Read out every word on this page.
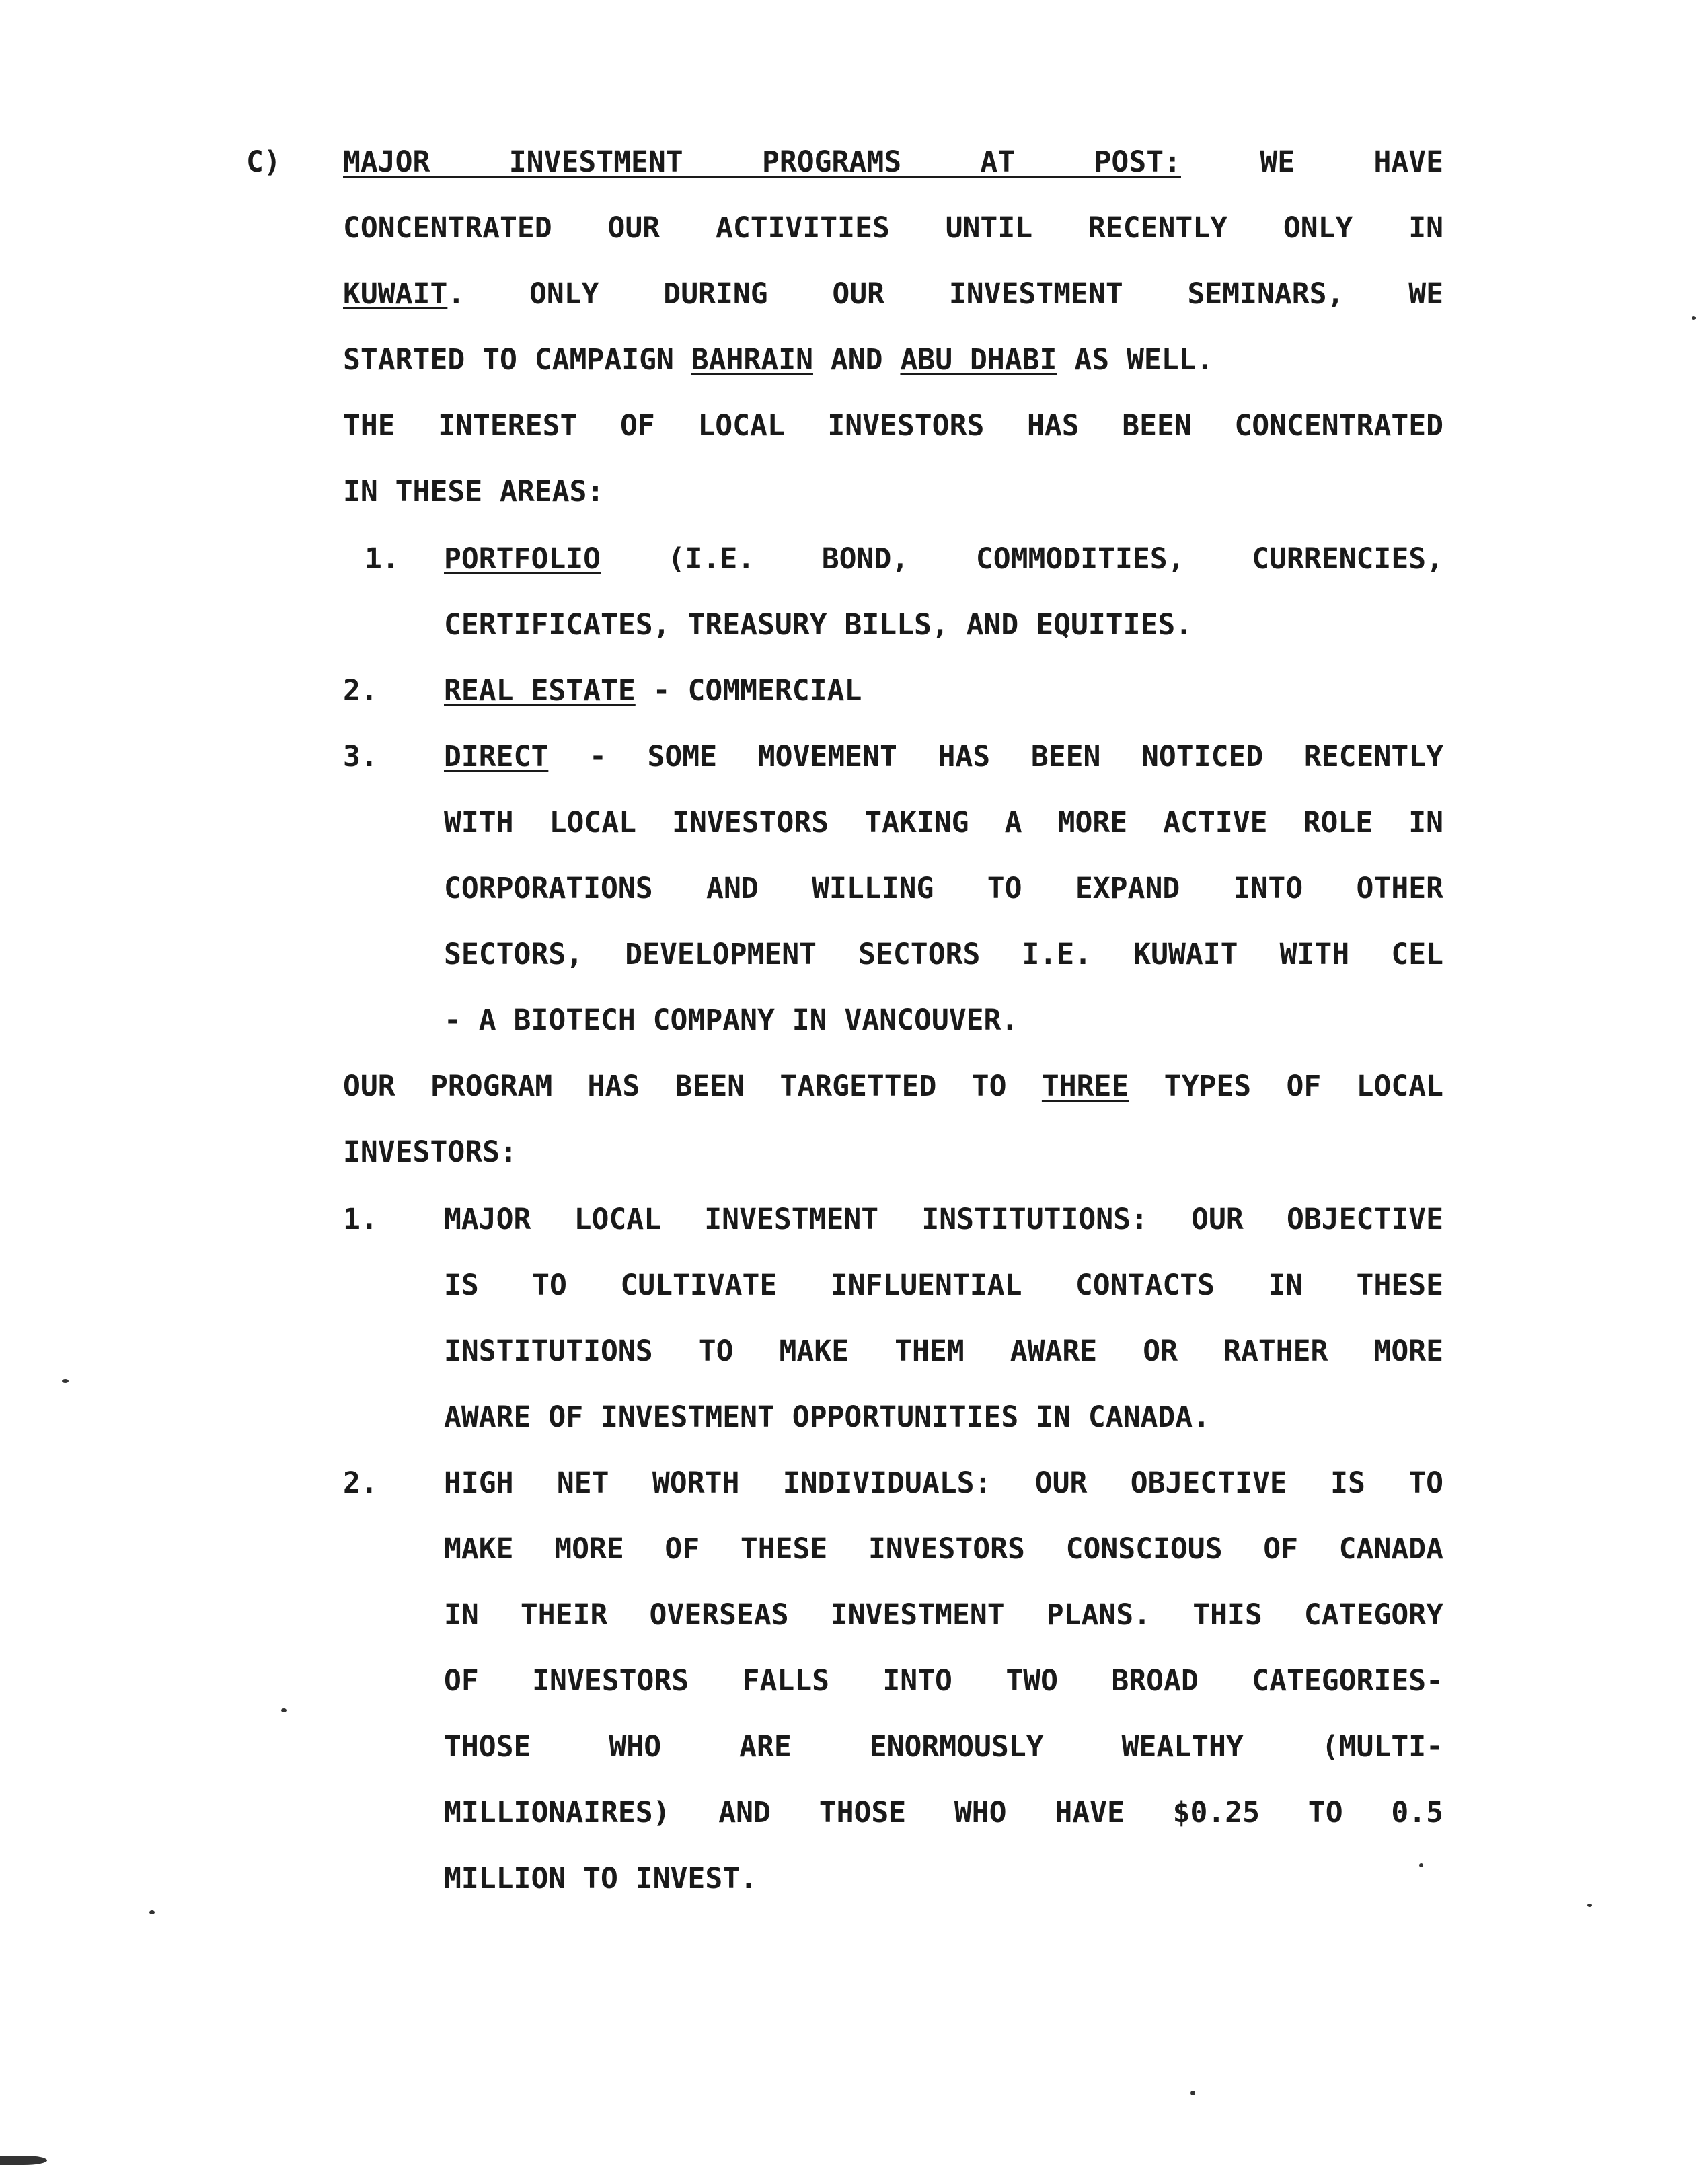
C) MAJOR INVESTMENT PROGRAMS AT POST:	WE HAVE
CONCENTRATED OUR ACTIVITIES UNTIL RECENTLY ONLY IN
KUWAIT. ONLY DURING OUR INVESTMENT SEMINARS, WE
STARTED TO CAMPAIGN BAHRAIN AND ABU DHABI AS WELL.
THE INTEREST OF LOCAL INVESTORS HAS BEEN CONCENTRATED
IN THESE AREAS:
1. PORTFOLIO (I.E. BOND, COMMODITIES, CURRENCIES,
CERTIFICATES, TREASURY BILLS, AND EQUITIES.
2. REAL ESTATE - COMMERCIAL
3. DIRECT - SOME MOVEMENT HAS BEEN NOTICED RECENTLY
WITH LOCAL INVESTORS TAKING A MORE ACTIVE ROLE IN
CORPORATIONS AND WILLING TO EXPAND INTO OTHER
SECTORS, DEVELOPMENT SECTORS I.E. KUWAIT WITH CEL
- A BIOTECH COMPANY IN VANCOUVER.
OUR PROGRAM HAS BEEN TARGETTED TO THREE TYPES OF LOCAL
INVESTORS:
1. MAJOR LOCAL INVESTMENT INSTITUTIONS: OUR OBJECTIVE
IS TO CULTIVATE INFLUENTIAL CONTACTS IN THESE
INSTITUTIONS TO MAKE THEM AWARE OR RATHER MORE
AWARE OF INVESTMENT OPPORTUNITIES IN CANADA.
2. HIGH NET WORTH INDIVIDUALS: OUR OBJECTIVE IS TO
MAKE MORE OF THESE INVESTORS CONSCIOUS OF CANADA
IN THEIR OVERSEAS INVESTMENT PLANS. THIS CATEGORY
OF INVESTORS FALLS INTO TWO BROAD CATEGORIES-
THOSE WHO ARE ENORMOUSLY WEALTHY (MULTI-
MILLIONAIRES) AND THOSE WHO HAVE $0.25 TO 0.5
MILLION TO INVEST.
